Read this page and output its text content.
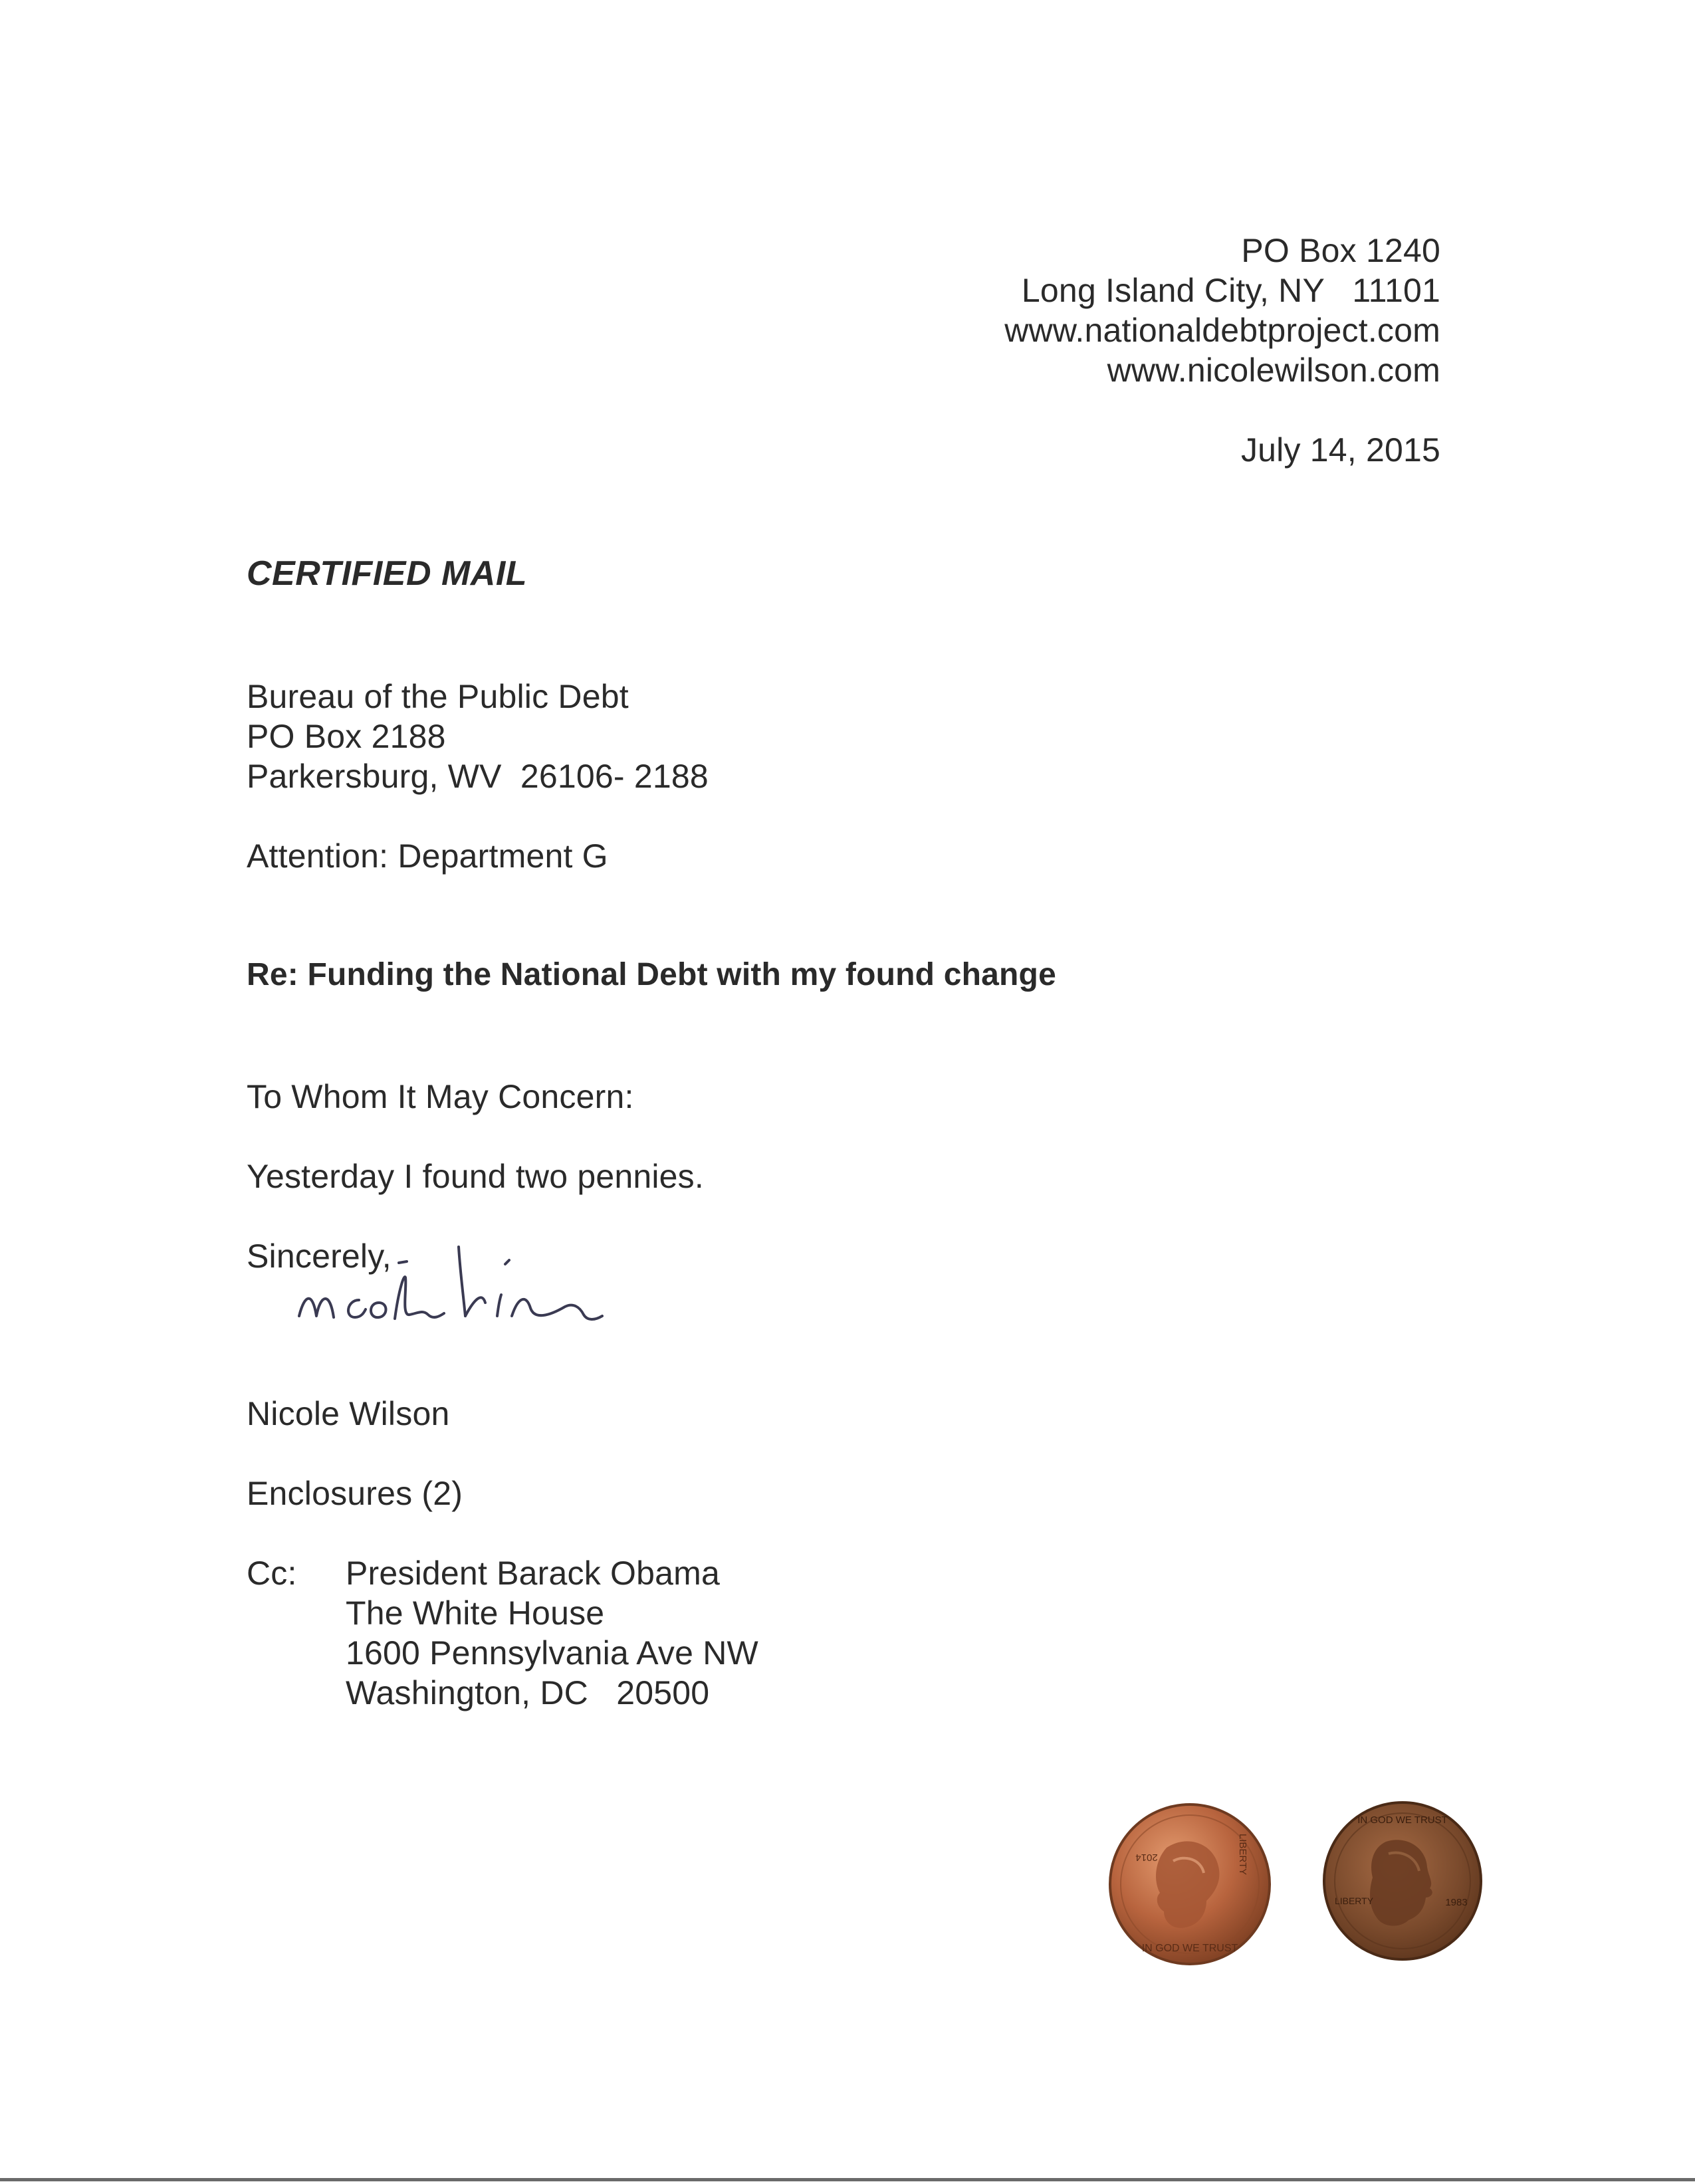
PO Box 1240
Long Island City, NY   11101
www.nationaldebtproject.com
www.nicolewilson.com
July 14, 2015
CERTIFIED MAIL
Bureau of the Public Debt
PO Box 2188
Parkersburg, WV  26106- 2188
Attention: Department G
Re: Funding the National Debt with my found change
To Whom It May Concern:
Yesterday I found two pennies.
Sincerely,
Nicole Wilson
Enclosures (2)
Cc: President Barack Obama
The White House
1600 Pennsylvania Ave NW
Washington, DC   20500
IN GOD WE TRUST
LIBERTY
2014
IN GOD WE TRUST
LIBERTY	1983
